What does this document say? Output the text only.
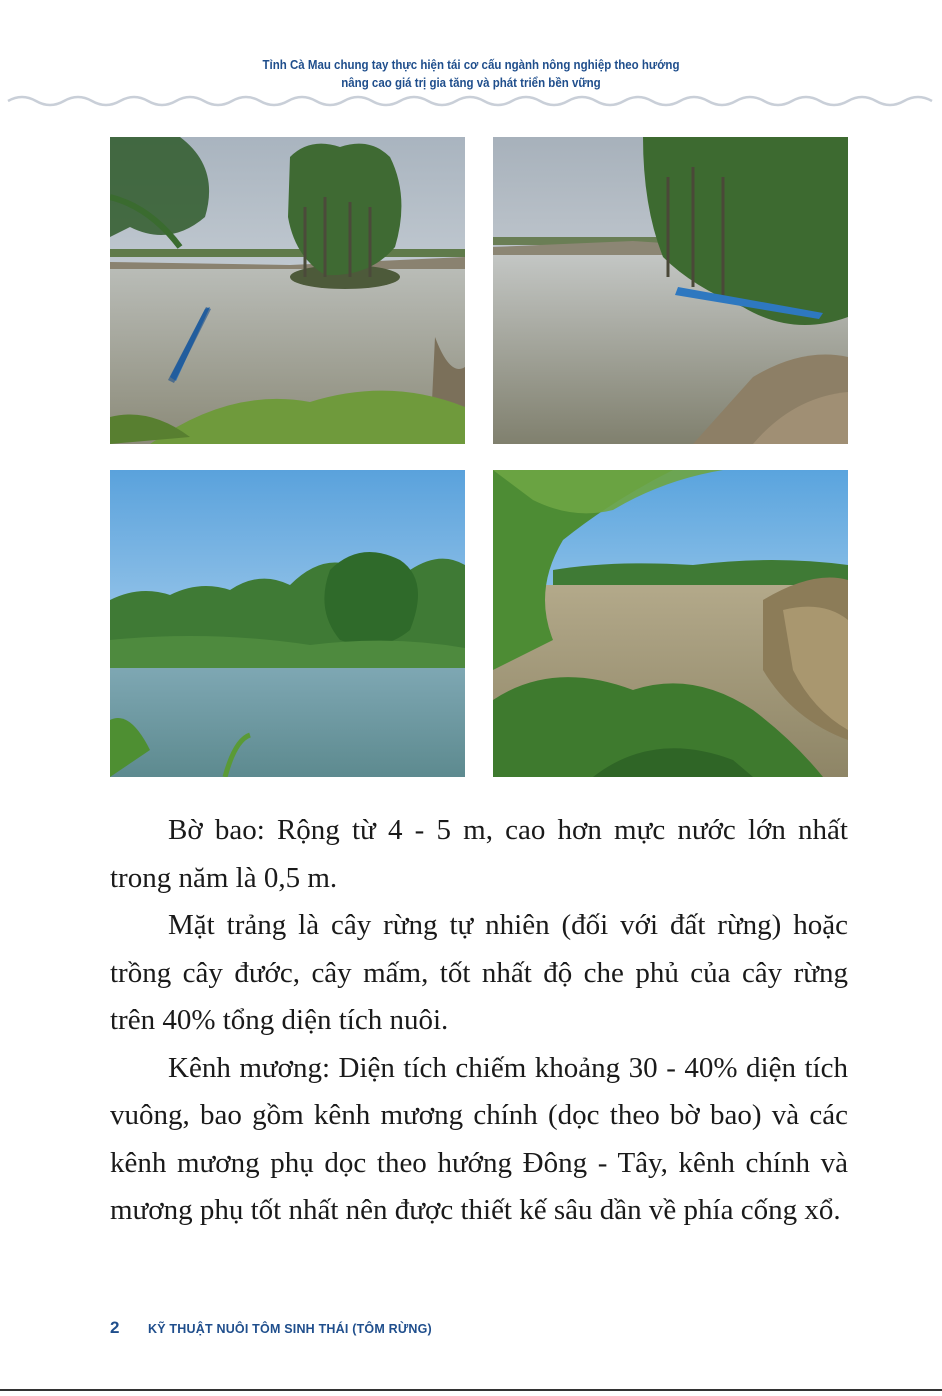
Tỉnh Cà Mau chung tay thực hiện tái cơ cấu ngành nông nghiệp theo hướng
nâng cao giá trị gia tăng và phát triển bền vững

Bờ bao: Rộng từ 4 - 5 m, cao hơn mực nước lớn nhất trong năm là 0,5 m.

Mặt trảng là cây rừng tự nhiên (đối với đất rừng) hoặc trồng cây đước, cây mấm, tốt nhất độ che phủ của cây rừng trên 40% tổng diện tích nuôi.

Kênh mương: Diện tích chiếm khoảng 30 - 40% diện tích vuông, bao gồm kênh mương chính (dọc theo bờ bao) và các kênh mương phụ dọc theo hướng Đông - Tây, kênh chính và mương phụ tốt nhất nên được thiết kế sâu dần về phía cống xổ.

2	KỸ THUẬT NUÔI TÔM SINH THÁI (TÔM RỪNG)
